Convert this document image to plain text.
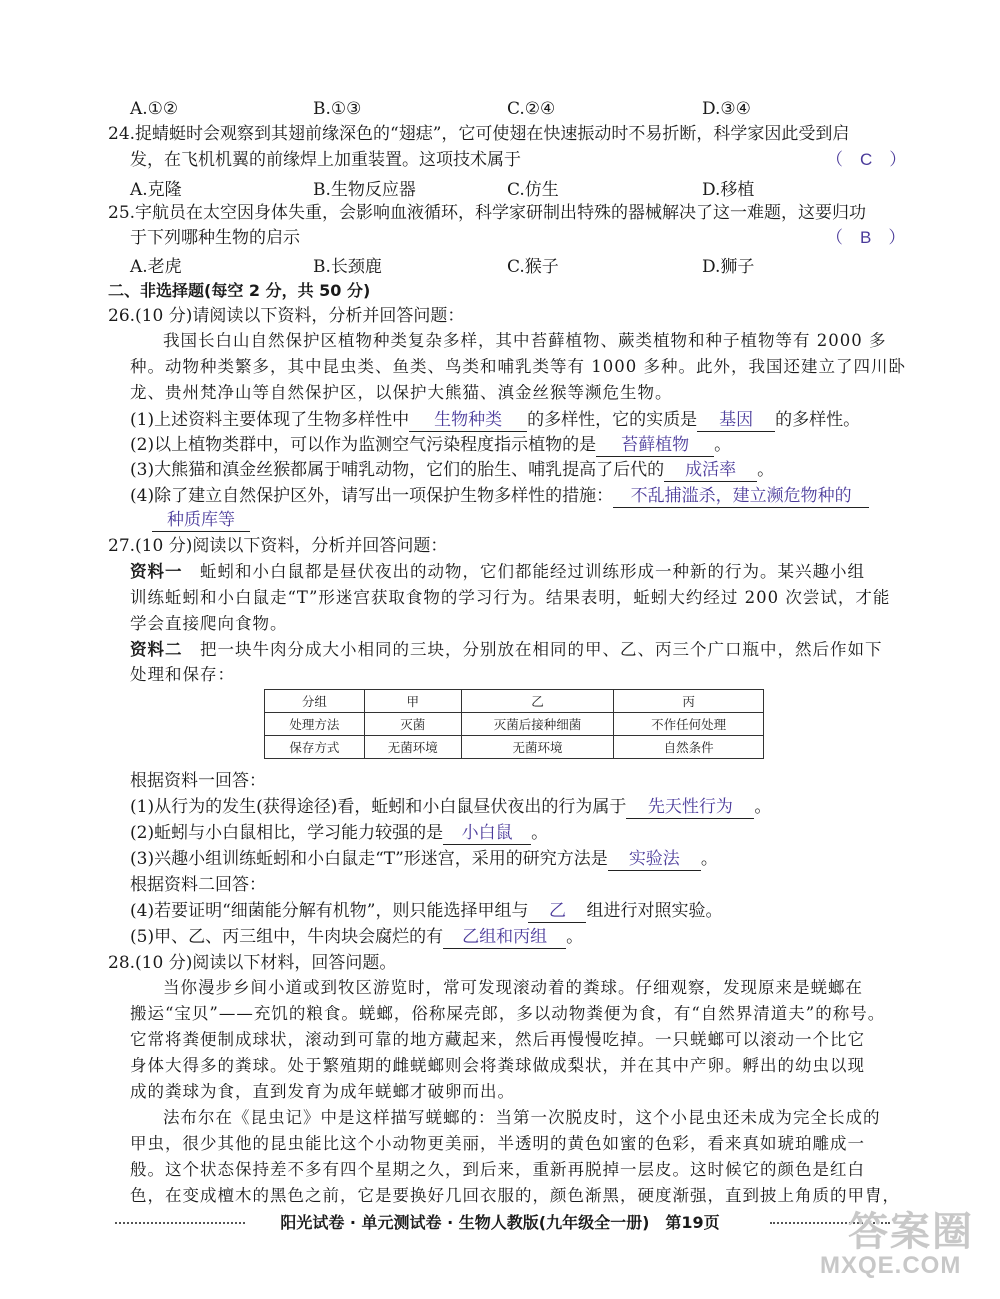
A.①②	B.①③	C.②④	D.③④
24.捉蜻蜓时会观察到其翅前缘深色的“翅痣”，它可使翅在快速振动时不易折断，科学家因此受到启
发，在飞机机翼的前缘焊上加重装置。这项技术属于	（　C　）
A.克隆	B.生物反应器	C.仿生	D.移植
25.宇航员在太空因身体失重，会影响血液循环，科学家研制出特殊的器械解决了这一难题，这要归功
于下列哪种生物的启示	（　B　）
A.老虎	B.长颈鹿	C.猴子	D.狮子
二、非选择题(每空 2 分，共 50 分)
26.(10 分)请阅读以下资料，分析并回答问题：
我国长白山自然保护区植物种类复杂多样，其中苔藓植物、蕨类植物和种子植物等有 2000 多
种。动物种类繁多，其中昆虫类、鱼类、鸟类和哺乳类等有 1000 多种。此外，我国还建立了四川卧
龙、贵州梵净山等自然保护区，以保护大熊猫、滇金丝猴等濒危生物。
(1)上述资料主要体现了生物多样性中 生物种类 的多样性，它的实质是 基因 的多样性。
(2)以上植物类群中，可以作为监测空气污染程度指示植物的是 苔藓植物 。
(3)大熊猫和滇金丝猴都属于哺乳动物，它们的胎生、哺乳提高了后代的 成活率 。
(4)除了建立自然保护区外，请写出一项保护生物多样性的措施： 不乱捕滥杀，建立濒危物种的
种质库等
27.(10 分)阅读以下资料，分析并回答问题：
资料一　 蚯蚓和小白鼠都是昼伏夜出的动物，它们都能经过训练形成一种新的行为。某兴趣小组
训练蚯蚓和小白鼠走“T”形迷宫获取食物的学习行为。结果表明，蚯蚓大约经过 200 次尝试，才能
学会直接爬向食物。
资料二　 把一块牛肉分成大小相同的三块，分别放在相同的甲、乙、丙三个广口瓶中，然后作如下
处理和保存：
分组	甲	乙	丙
处理方法	灭菌	灭菌后接种细菌	不作任何处理
保存方式	无菌环境	无菌环境	自然条件
根据资料一回答：
(1)从行为的发生(获得途径)看，蚯蚓和小白鼠昼伏夜出的行为属于 先天性行为 。
(2)蚯蚓与小白鼠相比，学习能力较强的是 小白鼠 。
(3)兴趣小组训练蚯蚓和小白鼠走“T”形迷宫，采用的研究方法是 实验法 。
根据资料二回答：
(4)若要证明“细菌能分解有机物”，则只能选择甲组与 乙 组进行对照实验。
(5)甲、乙、丙三组中，牛肉块会腐烂的有 乙组和丙组 。
28.(10 分)阅读以下材料，回答问题。
当你漫步乡间小道或到牧区游览时，常可发现滚动着的粪球。仔细观察，发现原来是蜣螂在
搬运“宝贝”——充饥的粮食。蜣螂，俗称屎壳郎，多以动物粪便为食，有“自然界清道夫”的称号。
它常将粪便制成球状，滚动到可靠的地方藏起来，然后再慢慢吃掉。一只蜣螂可以滚动一个比它
身体大得多的粪球。处于繁殖期的雌蜣螂则会将粪球做成梨状，并在其中产卵。孵出的幼虫以现
成的粪球为食，直到发育为成年蜣螂才破卵而出。
法布尔在《昆虫记》中是这样描写蜣螂的：当第一次脱皮时，这个小昆虫还未成为完全长成的
甲虫，很少其他的昆虫能比这个小动物更美丽，半透明的黄色如蜜的色彩，看来真如琥珀雕成一
般。这个状态保持差不多有四个星期之久，到后来，重新再脱掉一层皮。这时候它的颜色是红白
色，在变成檀木的黑色之前，它是要换好几回衣服的，颜色渐黑，硬度渐强，直到披上角质的甲胄，
阳光试卷 · 单元测试卷 · 生物人教版(九年级全一册)　第19页	答案圈
MXQE.COM
